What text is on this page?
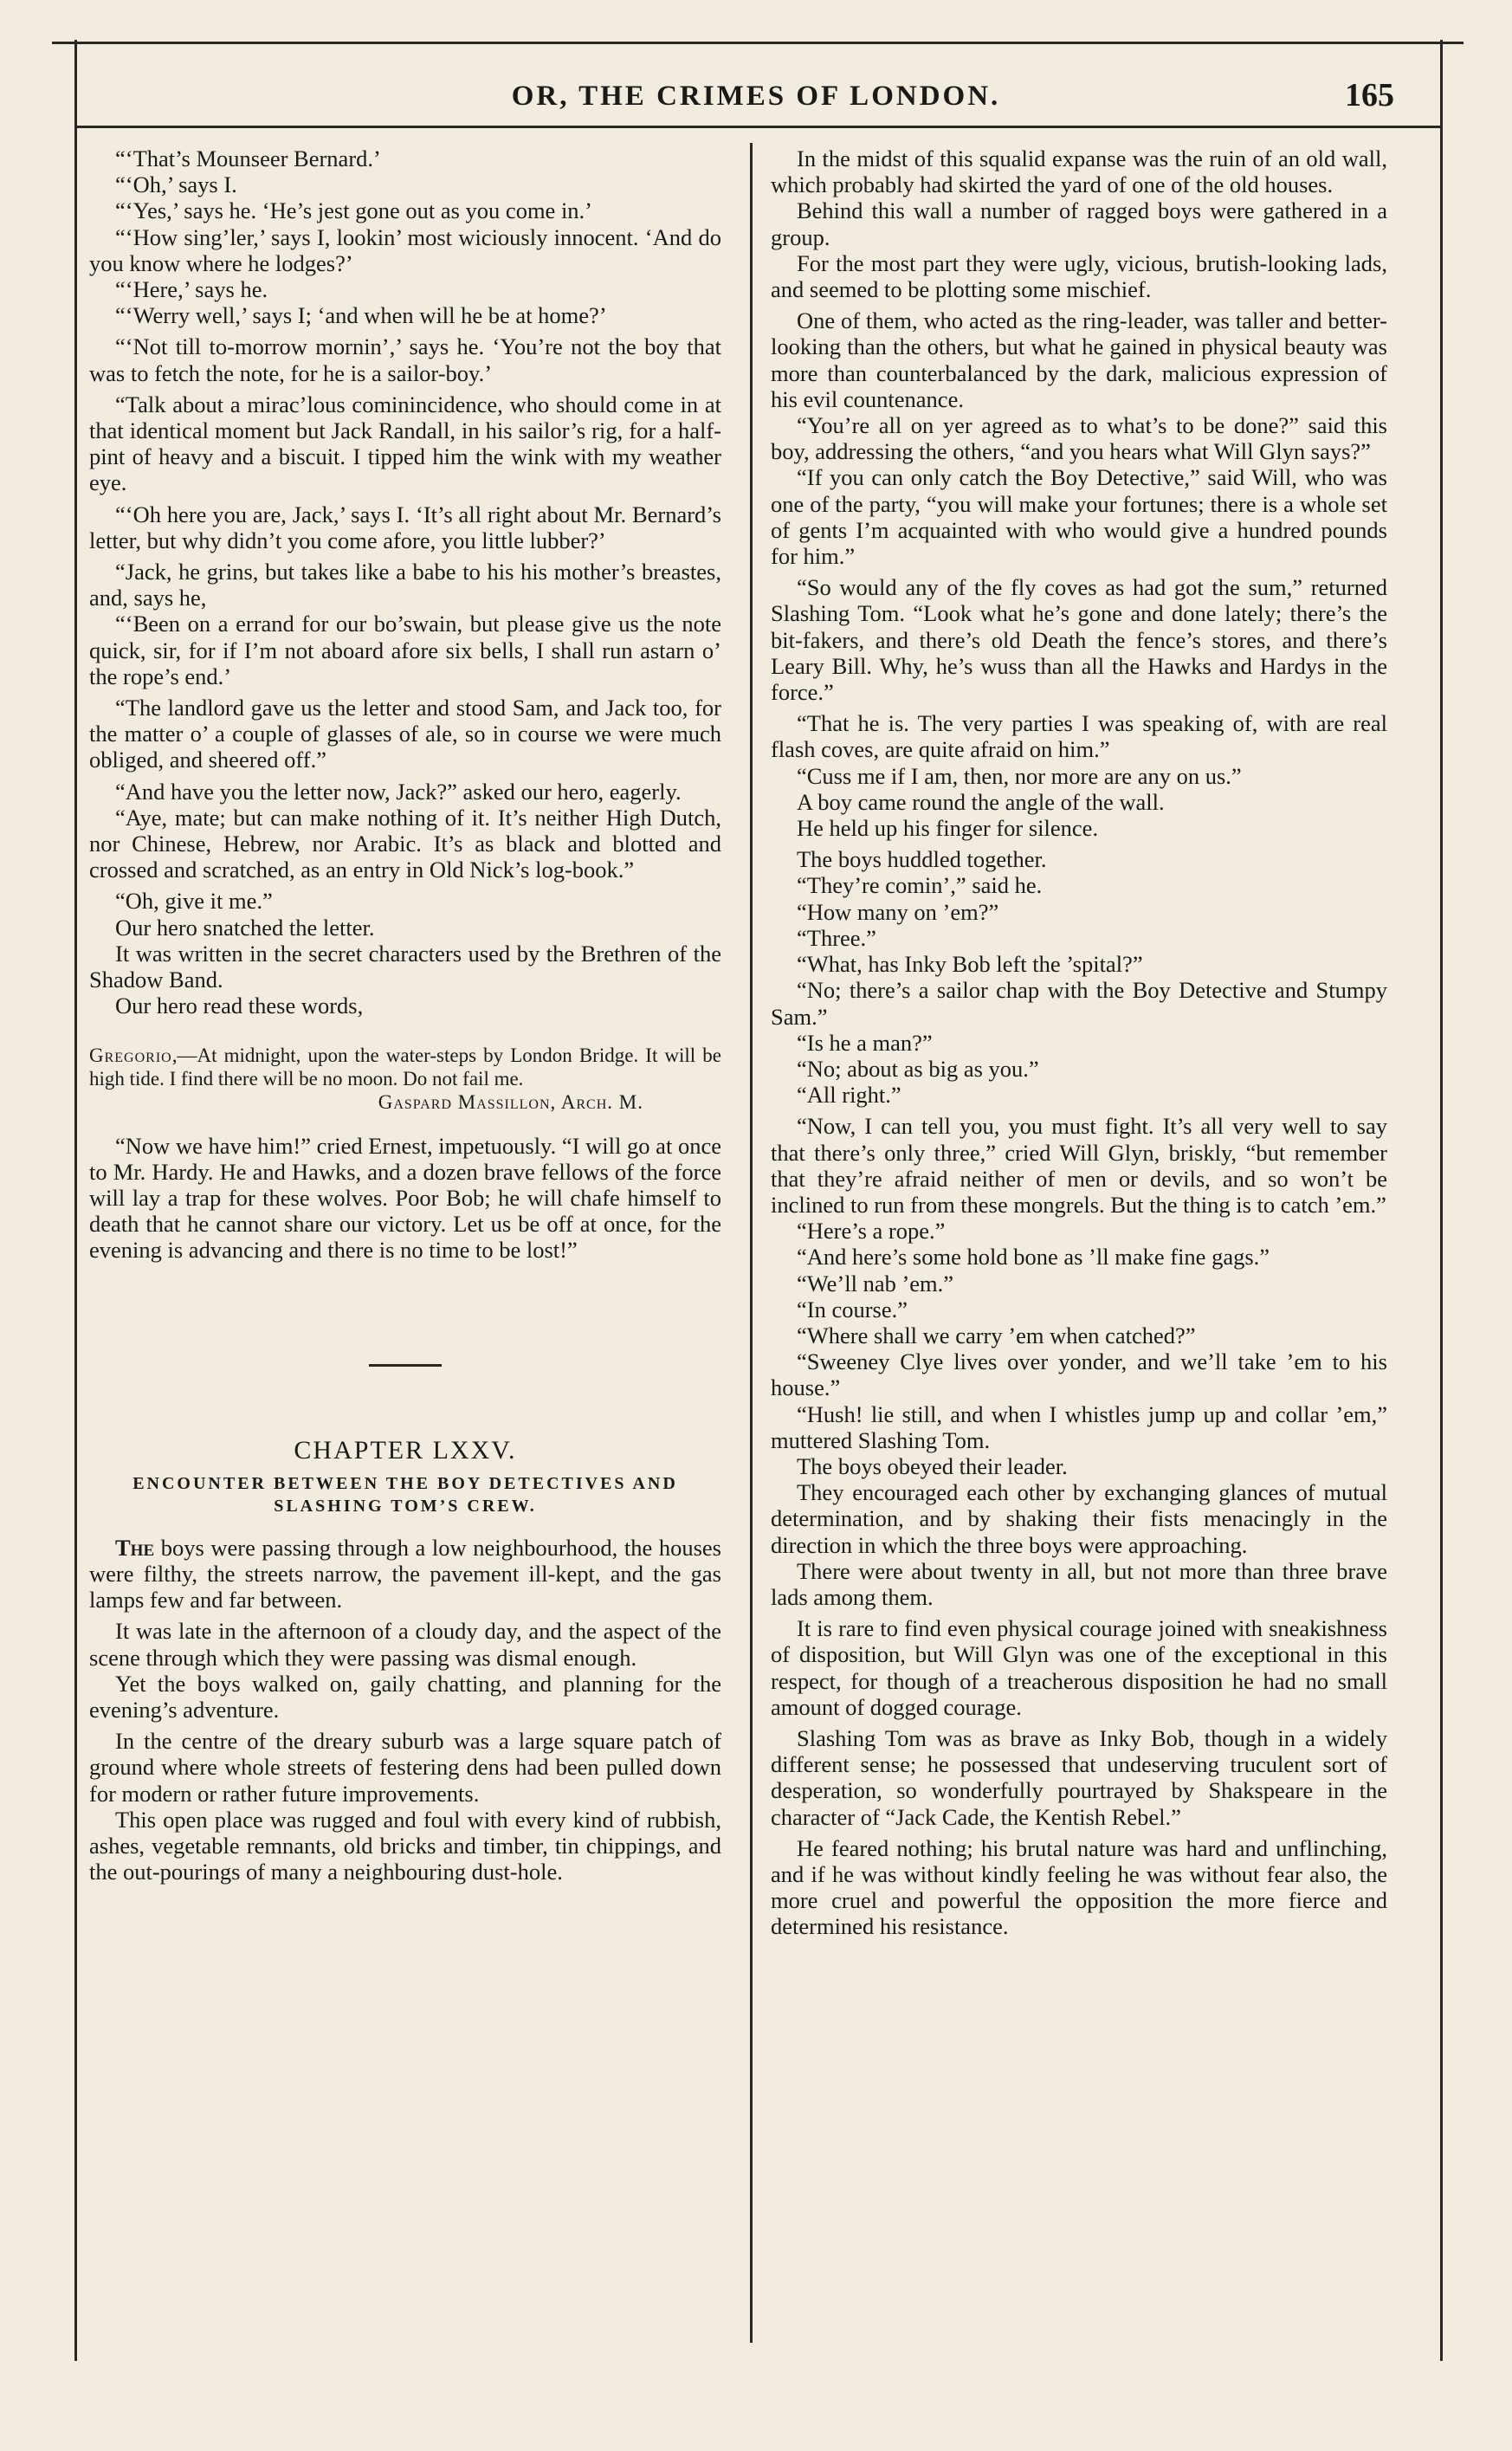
OR, THE CRIMES OF LONDON.	165

“‘That’s Mounseer Bernard.’

“‘Oh,’ says I.

“‘Yes,’ says he. ‘He’s jest gone out as you come in.’

“‘How sing’ler,’ says I, lookin’ most wiciously innocent. ‘And do you know where he lodges?’

“‘Here,’ says he.

“‘Werry well,’ says I; ‘and when will he be at home?’

“‘Not till to-morrow mornin’,’ says he. ‘You’re not the boy that was to fetch the note, for he is a sailor-boy.’

“Talk about a mirac’lous cominincidence, who should come in at that identical moment but Jack Randall, in his sailor’s rig, for a half-pint of heavy and a biscuit. I tipped him the wink with my weather eye.

“‘Oh here you are, Jack,’ says I. ‘It’s all right about Mr. Bernard’s letter, but why didn’t you come afore, you little lubber?’

“Jack, he grins, but takes like a babe to his his mother’s breastes, and, says he,

“‘Been on a errand for our bo’swain, but please give us the note quick, sir, for if I’m not aboard afore six bells, I shall run astarn o’ the rope’s end.’

“The landlord gave us the letter and stood Sam, and Jack too, for the matter o’ a couple of glasses of ale, so in course we were much obliged, and sheered off.”

“And have you the letter now, Jack?” asked our hero, eagerly.

“Aye, mate; but can make nothing of it. It’s neither High Dutch, nor Chinese, Hebrew, nor Arabic. It’s as black and blotted and crossed and scratched, as an entry in Old Nick’s log-book.”

“Oh, give it me.”

Our hero snatched the letter.

It was written in the secret characters used by the Brethren of the Shadow Band.

Our hero read these words,

Gregorio,—At midnight, upon the water-steps by London Bridge. It will be high tide. I find there will be no moon. Do not fail me.
Gaspard Massillon, Arch. M.

“Now we have him!” cried Ernest, impetuously. “I will go at once to Mr. Hardy. He and Hawks, and a dozen brave fellows of the force will lay a trap for these wolves. Poor Bob; he will chafe himself to death that he cannot share our victory. Let us be off at once, for the evening is advancing and there is no time to be lost!”

CHAPTER LXXV.
ENCOUNTER BETWEEN THE BOY DETECTIVES AND SLASHING TOM’S CREW.

The boys were passing through a low neighbourhood, the houses were filthy, the streets narrow, the pavement ill-kept, and the gas lamps few and far between.

It was late in the afternoon of a cloudy day, and the aspect of the scene through which they were passing was dismal enough.

Yet the boys walked on, gaily chatting, and planning for the evening’s adventure.

In the centre of the dreary suburb was a large square patch of ground where whole streets of festering dens had been pulled down for modern or rather future improvements.

This open place was rugged and foul with every kind of rubbish, ashes, vegetable remnants, old bricks and timber, tin chippings, and the out-pourings of many a neighbouring dust-hole.

In the midst of this squalid expanse was the ruin of an old wall, which probably had skirted the yard of one of the old houses.

Behind this wall a number of ragged boys were gathered in a group.

For the most part they were ugly, vicious, brutish-looking lads, and seemed to be plotting some mischief.

One of them, who acted as the ring-leader, was taller and better-looking than the others, but what he gained in physical beauty was more than counterbalanced by the dark, malicious expression of his evil countenance.

“You’re all on yer agreed as to what’s to be done?” said this boy, addressing the others, “and you hears what Will Glyn says?”

“If you can only catch the Boy Detective,” said Will, who was one of the party, “you will make your fortunes; there is a whole set of gents I’m acquainted with who would give a hundred pounds for him.”

“So would any of the fly coves as had got the sum,” returned Slashing Tom. “Look what he’s gone and done lately; there’s the bit-fakers, and there’s old Death the fence’s stores, and there’s Leary Bill. Why, he’s wuss than all the Hawks and Hardys in the force.”

“That he is. The very parties I was speaking of, with are real flash coves, are quite afraid on him.”

“Cuss me if I am, then, nor more are any on us.”

A boy came round the angle of the wall.

He held up his finger for silence.

The boys huddled together.

“They’re comin’,” said he.

“How many on ’em?”

“Three.”

“What, has Inky Bob left the ’spital?”

“No; there’s a sailor chap with the Boy Detective and Stumpy Sam.”

“Is he a man?”

“No; about as big as you.”

“All right.”

“Now, I can tell you, you must fight. It’s all very well to say that there’s only three,” cried Will Glyn, briskly, “but remember that they’re afraid neither of men or devils, and so won’t be inclined to run from these mongrels. But the thing is to catch ’em.”

“Here’s a rope.”

“And here’s some hold bone as ’ll make fine gags.”

“We’ll nab ’em.”

“In course.”

“Where shall we carry ’em when catched?”

“Sweeney Clye lives over yonder, and we’ll take ’em to his house.”

“Hush! lie still, and when I whistles jump up and collar ’em,” muttered Slashing Tom.

The boys obeyed their leader.

They encouraged each other by exchanging glances of mutual determination, and by shaking their fists menacingly in the direction in which the three boys were approaching.

There were about twenty in all, but not more than three brave lads among them.

It is rare to find even physical courage joined with sneakishness of disposition, but Will Glyn was one of the exceptional in this respect, for though of a treacherous disposition he had no small amount of dogged courage.

Slashing Tom was as brave as Inky Bob, though in a widely different sense; he possessed that undeserving truculent sort of desperation, so wonderfully pourtrayed by Shakspeare in the character of “Jack Cade, the Kentish Rebel.”

He feared nothing; his brutal nature was hard and unflinching, and if he was without kindly feeling he was without fear also, the more cruel and powerful the opposition the more fierce and determined his resistance.
